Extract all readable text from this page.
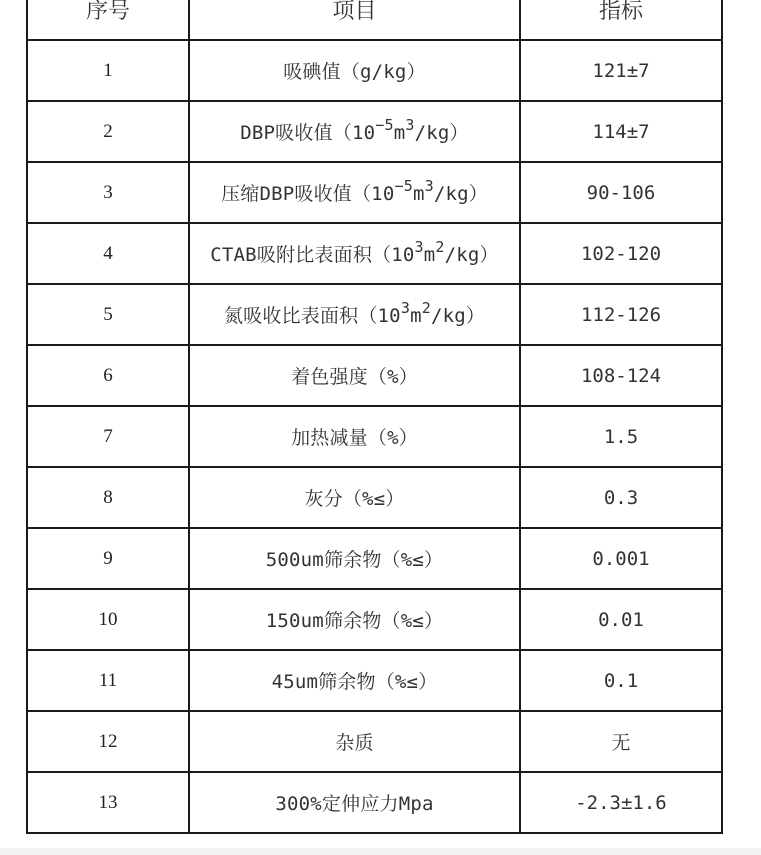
序号	项目	指标
1	吸碘值（g/kg）	121±7
2	DBP吸收值$(10^{-5}m^3/kg)$	114±7
3	压缩DBP吸收值$(10^{-5}m^3/kg)$	90-106
4	CTAB吸附比表面积$(10^3m^2/kg)$	102-120
5	氮吸收比表面积$(10^3m^2/kg)$	112-126
6	着色强度（%）	108-124
7	加热减量（%）	1.5
8	灰分（%≤）	0.3
9	500um筛余物（%≤）	0.001
10	150um筛余物（%≤）	0.01
11	45um筛余物（%≤）	0.1
12	杂质	无
13	300%定伸应力Mpa	-2.3±1.6
